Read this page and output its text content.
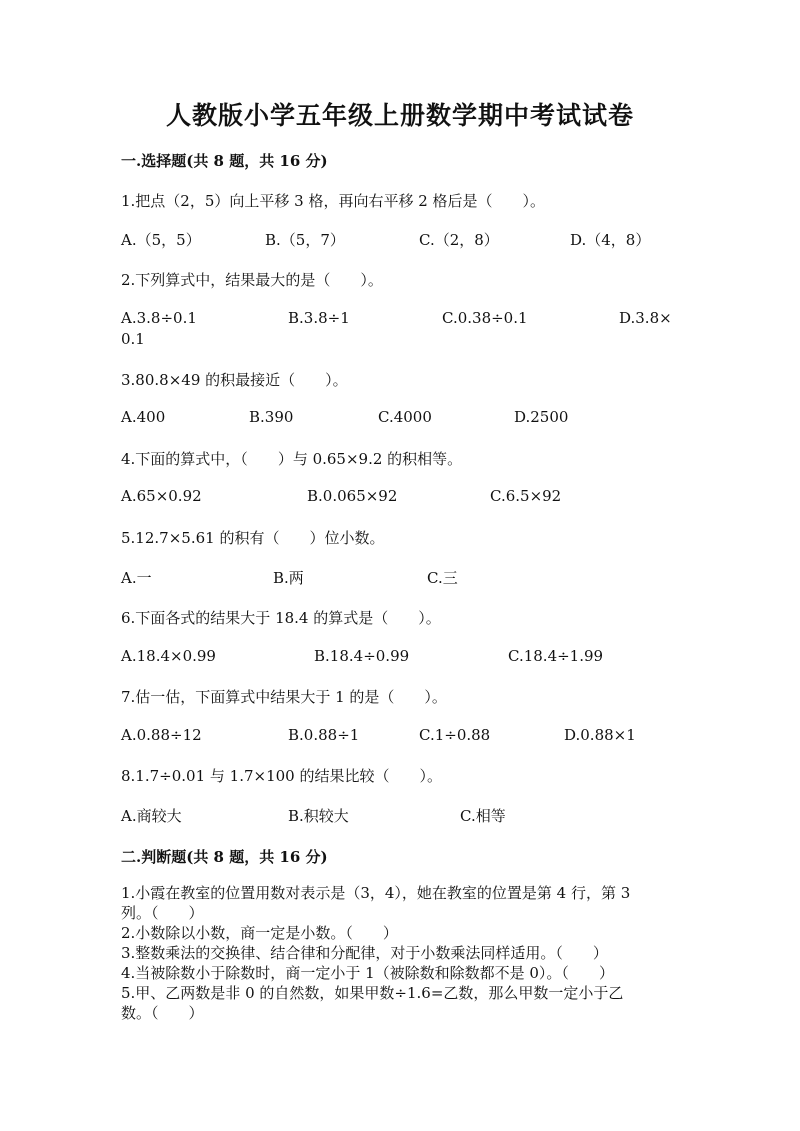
人教版小学五年级上册数学期中考试试卷
一.选择题(共 8 题，共 16 分)
1.把点（2，5）向上平移 3 格，再向右平移 2 格后是（　　）。
A.（5，5）	B.（5，7）	C.（2，8）	D.（4，8）
2.下列算式中，结果最大的是（　　）。
A.3.8÷0.1	B.3.8÷1	C.0.38÷0.1	D.3.8×
0.1
3.80.8×49 的积最接近（　　）。
A.400	B.390	C.4000	D.2500
4.下面的算式中，（　　）与 0.65×9.2 的积相等。
A.65×0.92	B.0.065×92	C.6.5×92
5.12.7×5.61 的积有（　　）位小数。
A.一	B.两	C.三
6.下面各式的结果大于 18.4 的算式是（　　）。
A.18.4×0.99	B.18.4÷0.99	C.18.4÷1.99
7.估一估，下面算式中结果大于 1 的是（　　）。
A.0.88÷12	B.0.88÷1	C.1÷0.88	D.0.88×1
8.1.7÷0.01 与 1.7×100 的结果比较（　　）。
A.商较大	B.积较大	C.相等
二.判断题(共 8 题，共 16 分)
1.小霞在教室的位置用数对表示是（3，4），她在教室的位置是第 4 行，第 3
列。（　　）
2.小数除以小数，商一定是小数。（　　）
3.整数乘法的交换律、结合律和分配律，对于小数乘法同样适用。（　　）
4.当被除数小于除数时，商一定小于 1（被除数和除数都不是 0）。（　　）
5.甲、乙两数是非 0 的自然数，如果甲数÷1.6=乙数，那么甲数一定小于乙
数。（　　）
